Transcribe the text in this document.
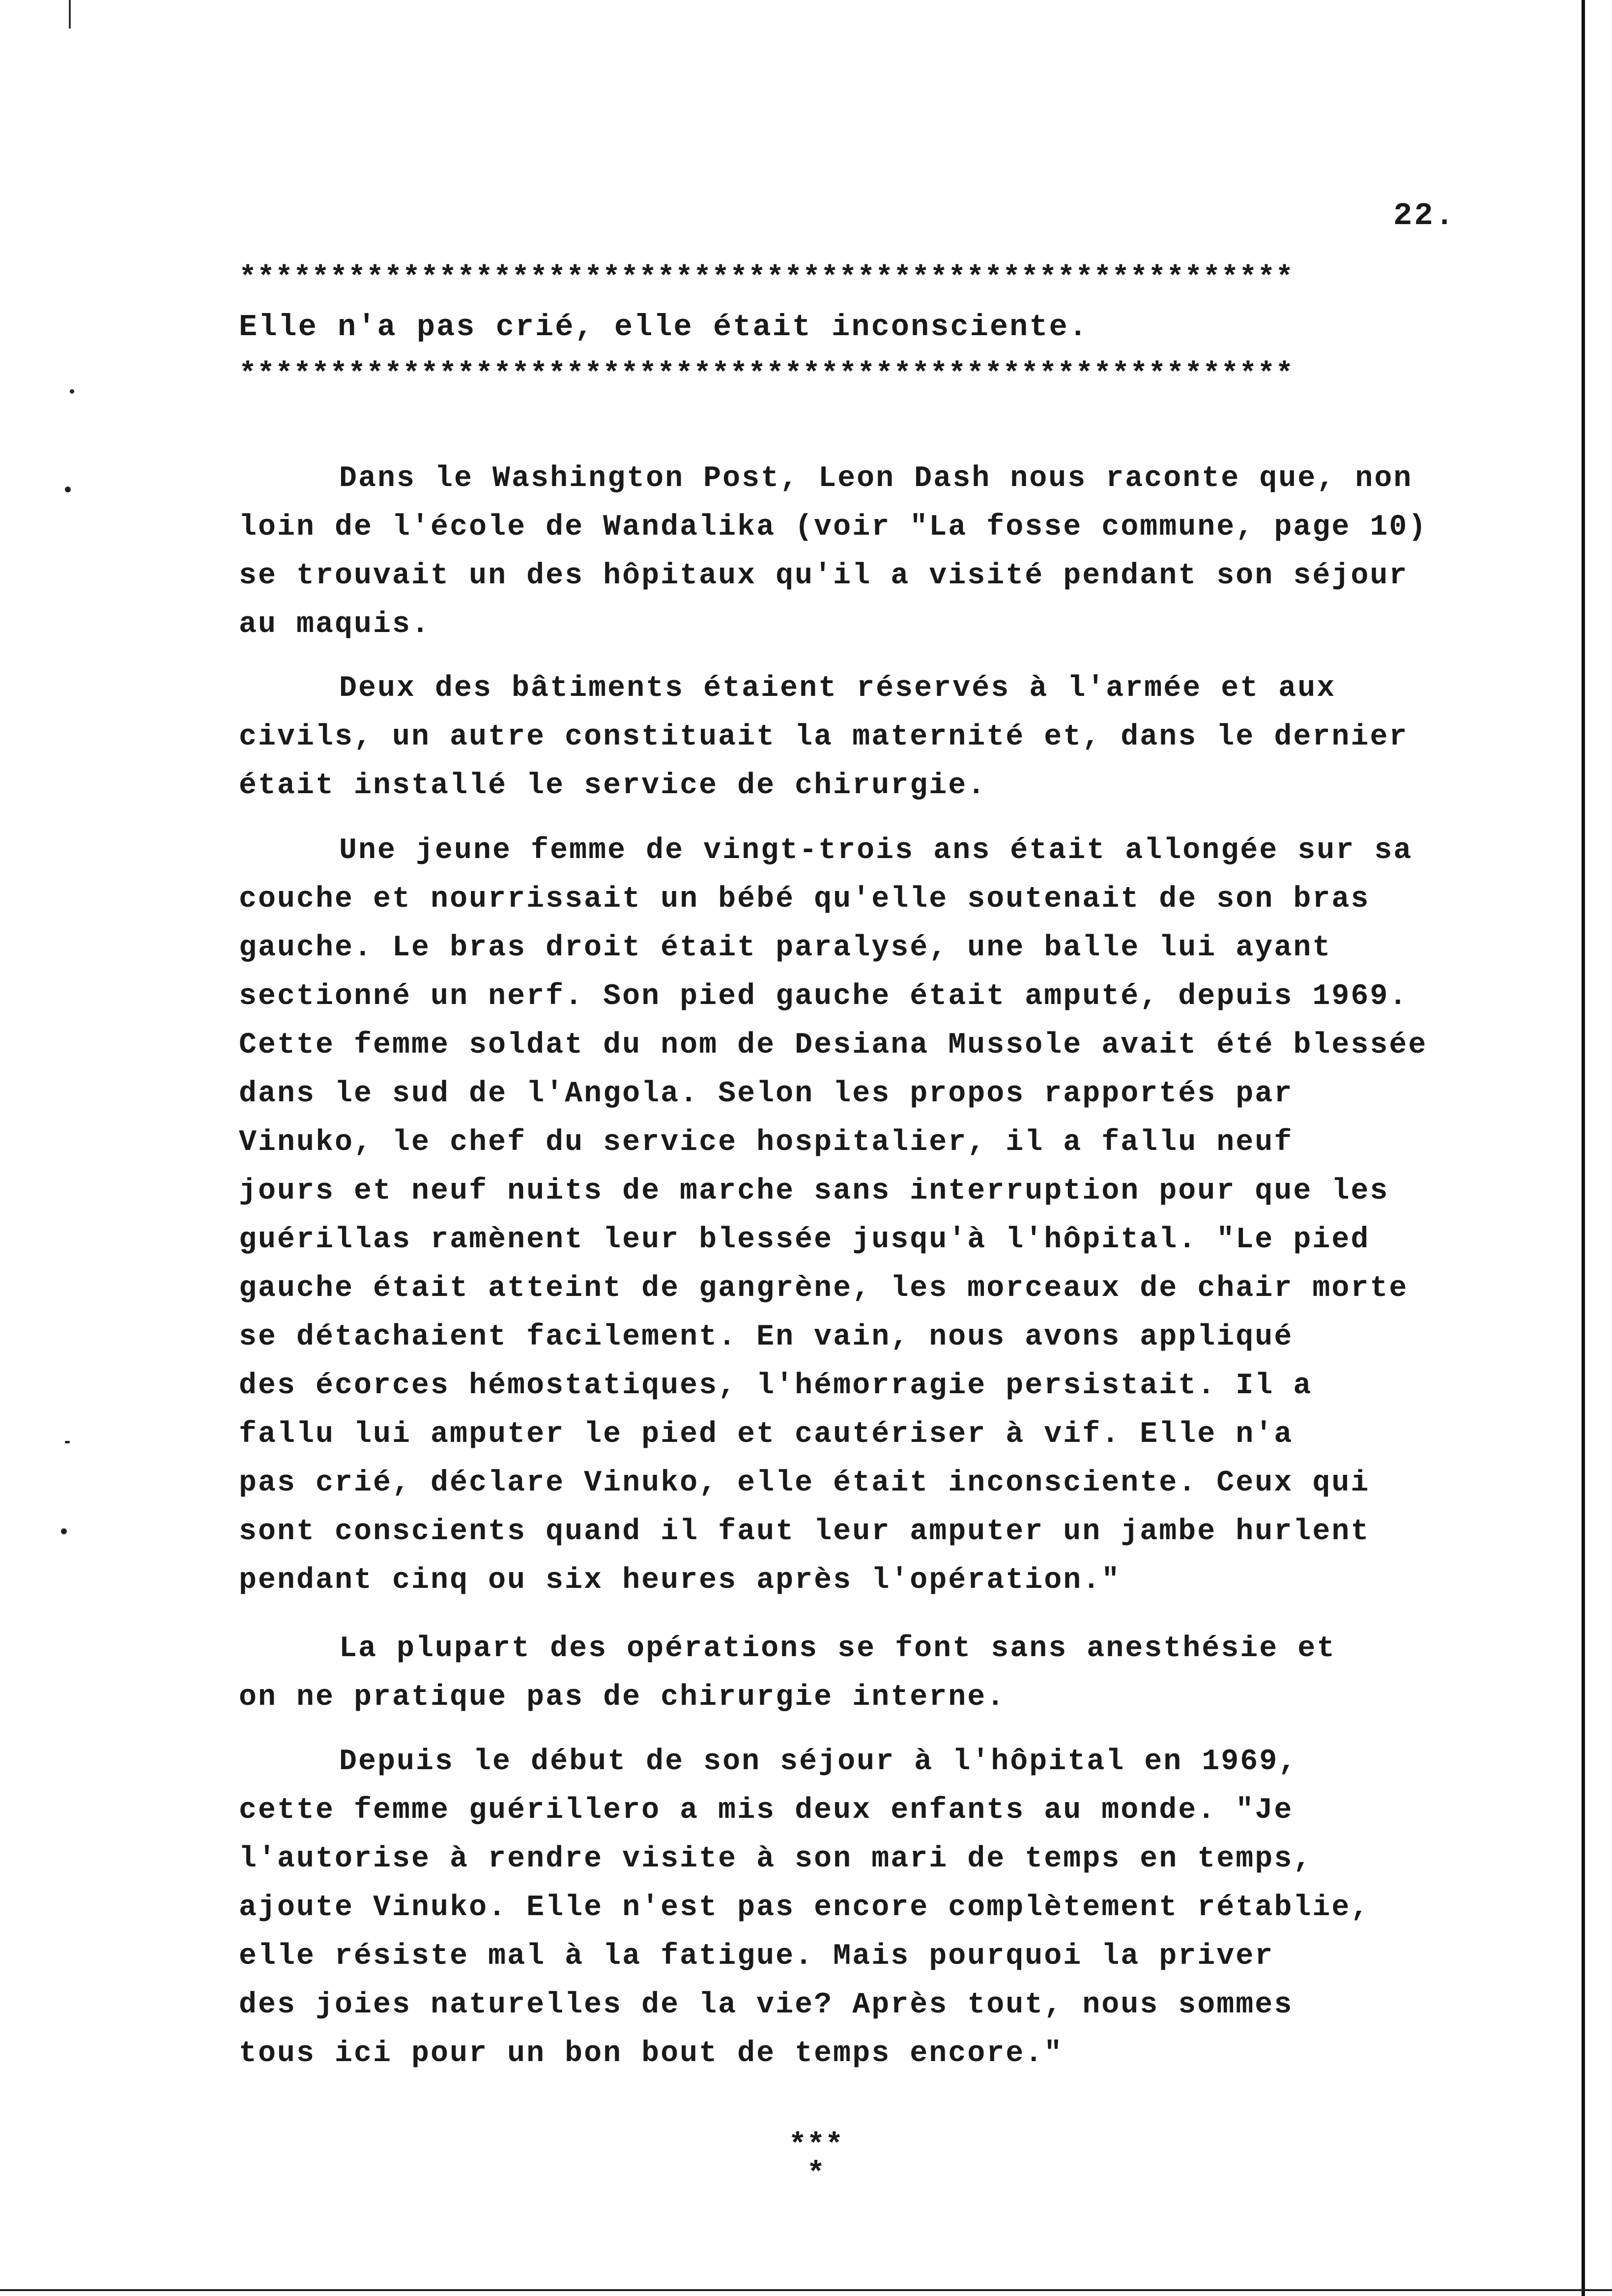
22.
**********************************************************
Elle n'a pas crié, elle était inconsciente.
**********************************************************
Dans le Washington Post, Leon Dash nous raconte que, non
loin de l'école de Wandalika (voir "La fosse commune, page 10)
se trouvait un des hôpitaux qu'il a visité pendant son séjour
au maquis.
Deux des bâtiments étaient réservés à l'armée et aux
civils, un autre constituait la maternité et, dans le dernier
était installé le service de chirurgie.
Une jeune femme de vingt-trois ans était allongée sur sa
couche et nourrissait un bébé qu'elle soutenait de son bras
gauche. Le bras droit était paralysé, une balle lui ayant
sectionné un nerf. Son pied gauche était amputé, depuis 1969.
Cette femme soldat du nom de Desiana Mussole avait été blessée
dans le sud de l'Angola. Selon les propos rapportés par
Vinuko, le chef du service hospitalier, il a fallu neuf
jours et neuf nuits de marche sans interruption pour que les
guérillas ramènent leur blessée jusqu'à l'hôpital. "Le pied
gauche était atteint de gangrène, les morceaux de chair morte
se détachaient facilement. En vain, nous avons appliqué
des écorces hémostatiques, l'hémorragie persistait. Il a
fallu lui amputer le pied et cautériser à vif. Elle n'a
pas crié, déclare Vinuko, elle était inconsciente. Ceux qui
sont conscients quand il faut leur amputer un jambe hurlent
pendant cinq ou six heures après l'opération."
La plupart des opérations se font sans anesthésie et
on ne pratique pas de chirurgie interne.
Depuis le début de son séjour à l'hôpital en 1969,
cette femme guérillero a mis deux enfants au monde. "Je
l'autorise à rendre visite à son mari de temps en temps,
ajoute Vinuko. Elle n'est pas encore complètement rétablie,
elle résiste mal à la fatigue. Mais pourquoi la priver
des joies naturelles de la vie? Après tout, nous sommes
tous ici pour un bon bout de temps encore."
***
*
